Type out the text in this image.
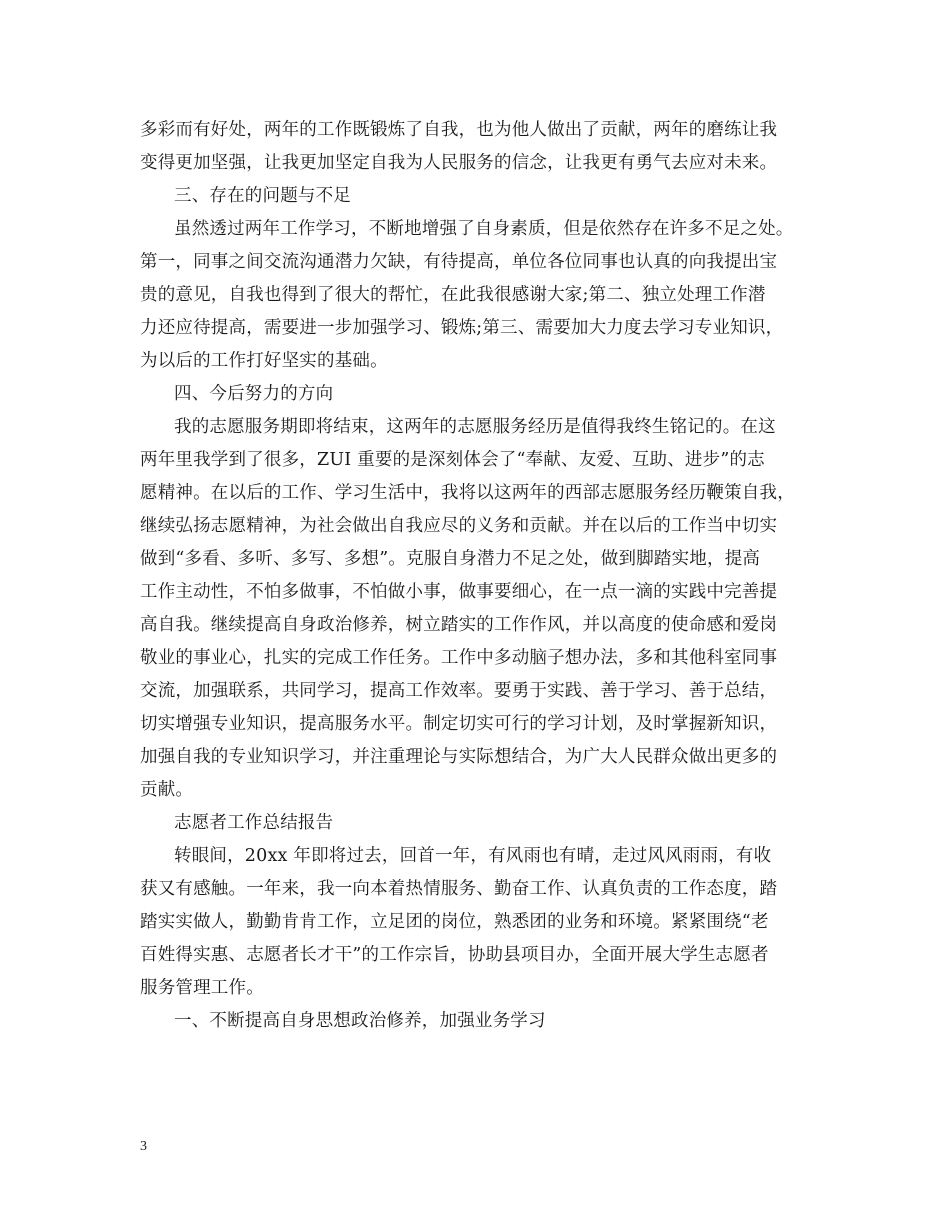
多彩而有好处，两年的工作既锻炼了自我，也为他人做出了贡献，两年的磨练让我
变得更加坚强，让我更加坚定自我为人民服务的信念，让我更有勇气去应对未来。
三、存在的问题与不足
虽然透过两年工作学习，不断地增强了自身素质，但是依然存在许多不足之处。
第一，同事之间交流沟通潜力欠缺，有待提高，单位各位同事也认真的向我提出宝
贵的意见，自我也得到了很大的帮忙，在此我很感谢大家;第二、独立处理工作潜
力还应待提高，需要进一步加强学习、锻炼;第三、需要加大力度去学习专业知识，
为以后的工作打好坚实的基础。
四、今后努力的方向
我的志愿服务期即将结束，这两年的志愿服务经历是值得我终生铭记的。在这
两年里我学到了很多，ZUI 重要的是深刻体会了“奉献、友爱、互助、进步”的志
愿精神。在以后的工作、学习生活中，我将以这两年的西部志愿服务经历鞭策自我，
继续弘扬志愿精神，为社会做出自我应尽的义务和贡献。并在以后的工作当中切实
做到“多看、多听、多写、多想”。克服自身潜力不足之处，做到脚踏实地，提高
工作主动性，不怕多做事，不怕做小事，做事要细心，在一点一滴的实践中完善提
高自我。继续提高自身政治修养，树立踏实的工作作风，并以高度的使命感和爱岗
敬业的事业心，扎实的完成工作任务。工作中多动脑子想办法，多和其他科室同事
交流，加强联系，共同学习，提高工作效率。要勇于实践、善于学习、善于总结，
切实增强专业知识，提高服务水平。制定切实可行的学习计划，及时掌握新知识，
加强自我的专业知识学习，并注重理论与实际想结合，为广大人民群众做出更多的
贡献。
志愿者工作总结报告
转眼间，20xx 年即将过去，回首一年，有风雨也有晴，走过风风雨雨，有收
获又有感触。一年来，我一向本着热情服务、勤奋工作、认真负责的工作态度，踏
踏实实做人，勤勤肯肯工作，立足团的岗位，熟悉团的业务和环境。紧紧围绕“老
百姓得实惠、志愿者长才干”的工作宗旨，协助县项目办，全面开展大学生志愿者
服务管理工作。
一、不断提高自身思想政治修养，加强业务学习
3
